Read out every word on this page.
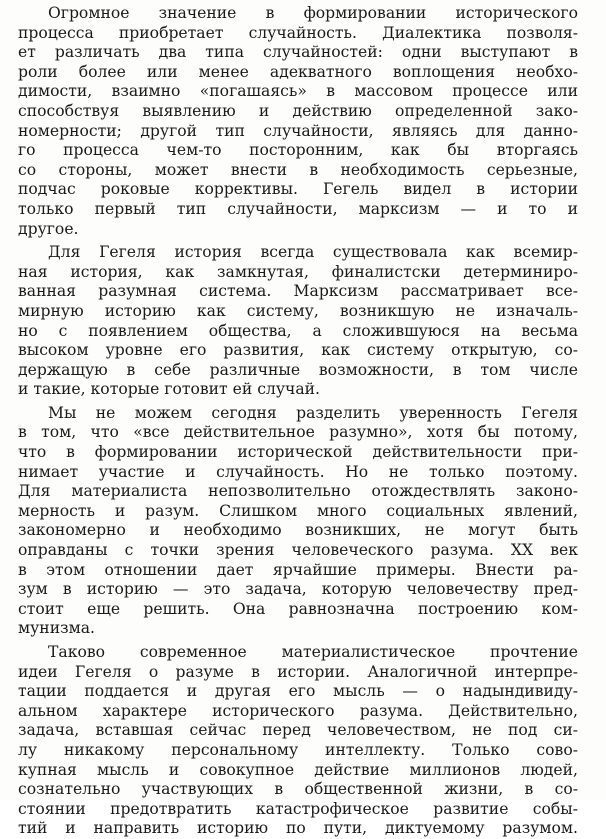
Огромное значение в формировании исторического
процесса приобретает случайность. Диалектика позволя-
ет различать два типа случайностей: одни выступают в
роли более или менее адекватного воплощения необхо-
димости, взаимно «погашаясь» в массовом процессе или
способствуя выявлению и действию определенной зако-
номерности; другой тип случайности, являясь для данно-
го процесса чем-то посторонним, как бы вторгаясь
со стороны, может внести в необходимость серьезные,
подчас роковые коррективы. Гегель видел в истории
только первый тип случайности, марксизм — и то и
другое.
Для Гегеля история всегда существовала как всемир-
ная история, как замкнутая, финалистски детерминиро-
ванная разумная система. Марксизм рассматривает все-
мирную историю как систему, возникшую не изначаль-
но с появлением общества, а сложившуюся на весьма
высоком уровне его развития, как систему открытую, со-
держащую в себе различные возможности, в том числе
и такие, которые готовит ей случай.
Мы не можем сегодня разделить уверенность Гегеля
в том, что «все действительное разумно», хотя бы потому,
что в формировании исторической действительности при-
нимает участие и случайность. Но не только поэтому.
Для материалиста непозволительно отождествлять законо-
мерность и разум. Слишком много социальных явлений,
закономерно и необходимо возникших, не могут быть
оправданы с точки зрения человеческого разума. XX век
в этом отношении дает ярчайшие примеры. Внести ра-
зум в историю — это задача, которую человечеству пред-
стоит еще решить. Она равнозначна построению ком-
мунизма.
Таково современное материалистическое прочтение
идеи Гегеля о разуме в истории. Аналогичной интерпре-
тации поддается и другая его мысль — о надындивиду-
альном характере исторического разума. Действительно,
задача, вставшая сейчас перед человечеством, не под си-
лу никакому персональному интеллекту. Только сово-
купная мысль и совокупное действие миллионов людей,
сознательно участвующих в общественной жизни, в со-
стоянии предотвратить катастрофическое развитие собы-
тий и направить историю по пути, диктуемому разумом.
